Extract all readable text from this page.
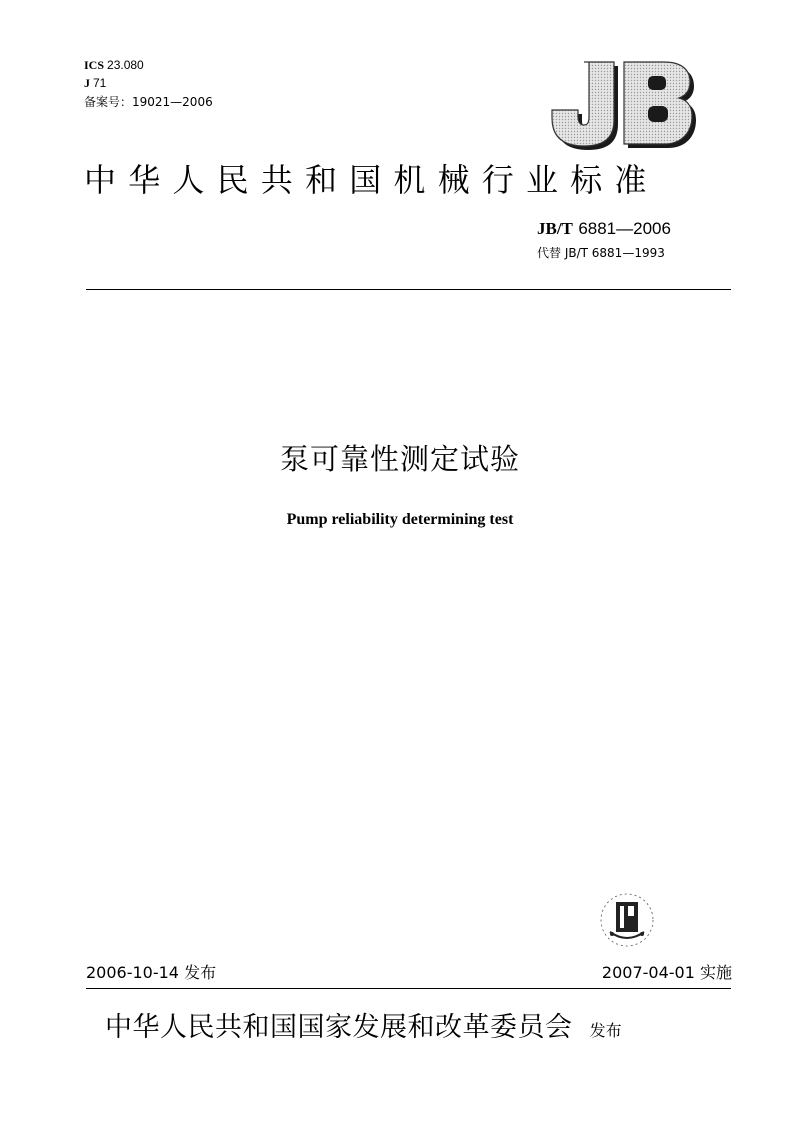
ICS 23.080
J 71
备案号：19021—2006
中华人民共和国机械行业标准
JB/T 6881—2006
代替 JB/T 6881—1993
泵可靠性测定试验
Pump reliability determining test
2006-10-14 发布	2007-04-01 实施
中华人民共和国国家发展和改革委员会 发布
